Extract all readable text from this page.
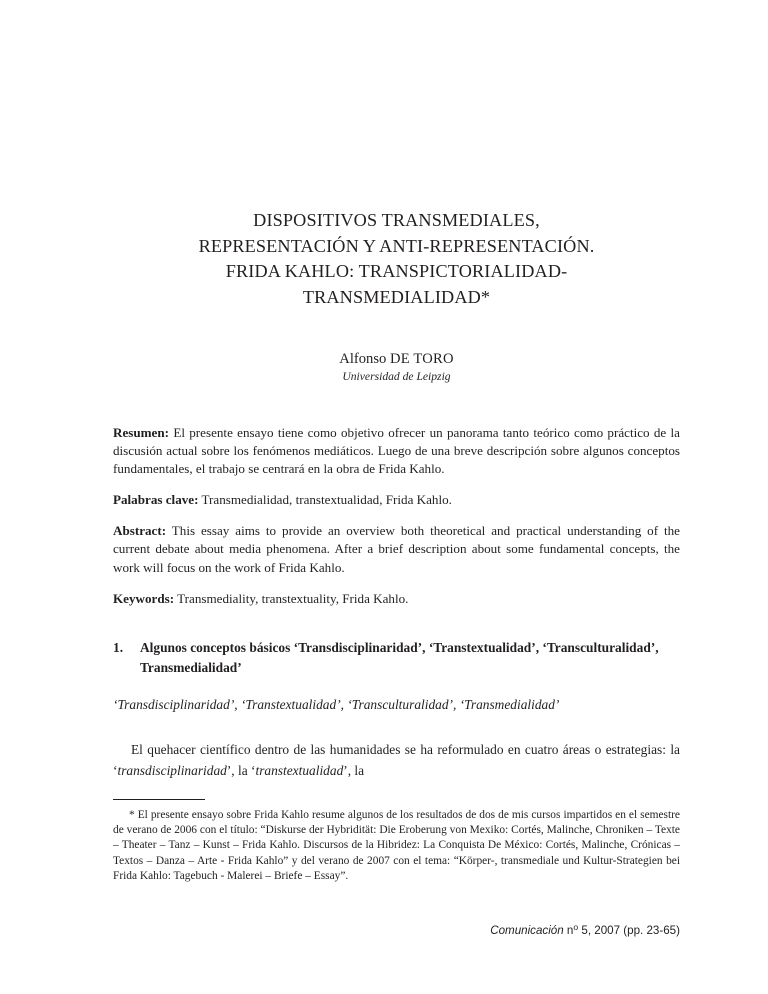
DISPOSITIVOS TRANSMEDIALES,
REPRESENTACIÓN Y ANTI-REPRESENTACIÓN.
FRIDA KAHLO: TRANSPICTORIALIDAD-
TRANSMEDIALIDAD*
Alfonso DE TORO
Universidad de Leipzig

Resumen: El presente ensayo tiene como objetivo ofrecer un panorama tanto teórico como práctico de la discusión actual sobre los fenómenos mediáticos. Luego de una breve descripción sobre algunos conceptos fundamentales, el trabajo se centrará en la obra de Frida Kahlo.

Palabras clave: Transmedialidad, transtextualidad, Frida Kahlo.

Abstract: This essay aims to provide an overview both theoretical and practical understanding of the current debate about media phenomena. After a brief description about some fundamental concepts, the work will focus on the work of Frida Kahlo.

Keywords: Transmediality, transtextuality, Frida Kahlo.

1.	Algunos conceptos básicos ‘Transdisciplinaridad’, ‘Transtextualidad’, ‘Transculturalidad’, Transmedialidad’
‘Transdisciplinaridad’, ‘Transtextualidad’, ‘Transculturalidad’, ‘Transmedialidad’
El quehacer científico dentro de las humanidades se ha reformulado en cuatro áreas o estrategias: la ‘transdisciplinaridad’, la ‘transtextualidad’, la
* El presente ensayo sobre Frida Kahlo resume algunos de los resultados de dos de mis cursos impartidos en el semestre de verano de 2006 con el título: “Diskurse der Hybridität: Die Eroberung von Mexiko: Cortés, Malinche, Chroniken – Texte – Theater – Tanz – Kunst – Frida Kahlo. Discursos de la Hibridez: La Conquista De México: Cortés, Malinche, Crónicas – Textos – Danza – Arte - Frida Kahlo” y del verano de 2007 con el tema: “Körper-, transmediale und Kultur-Strategien bei Frida Kahlo: Tagebuch - Malerei – Briefe – Essay”.
Comunicación $n^o$ 5, 2007 (pp. 23-65)
